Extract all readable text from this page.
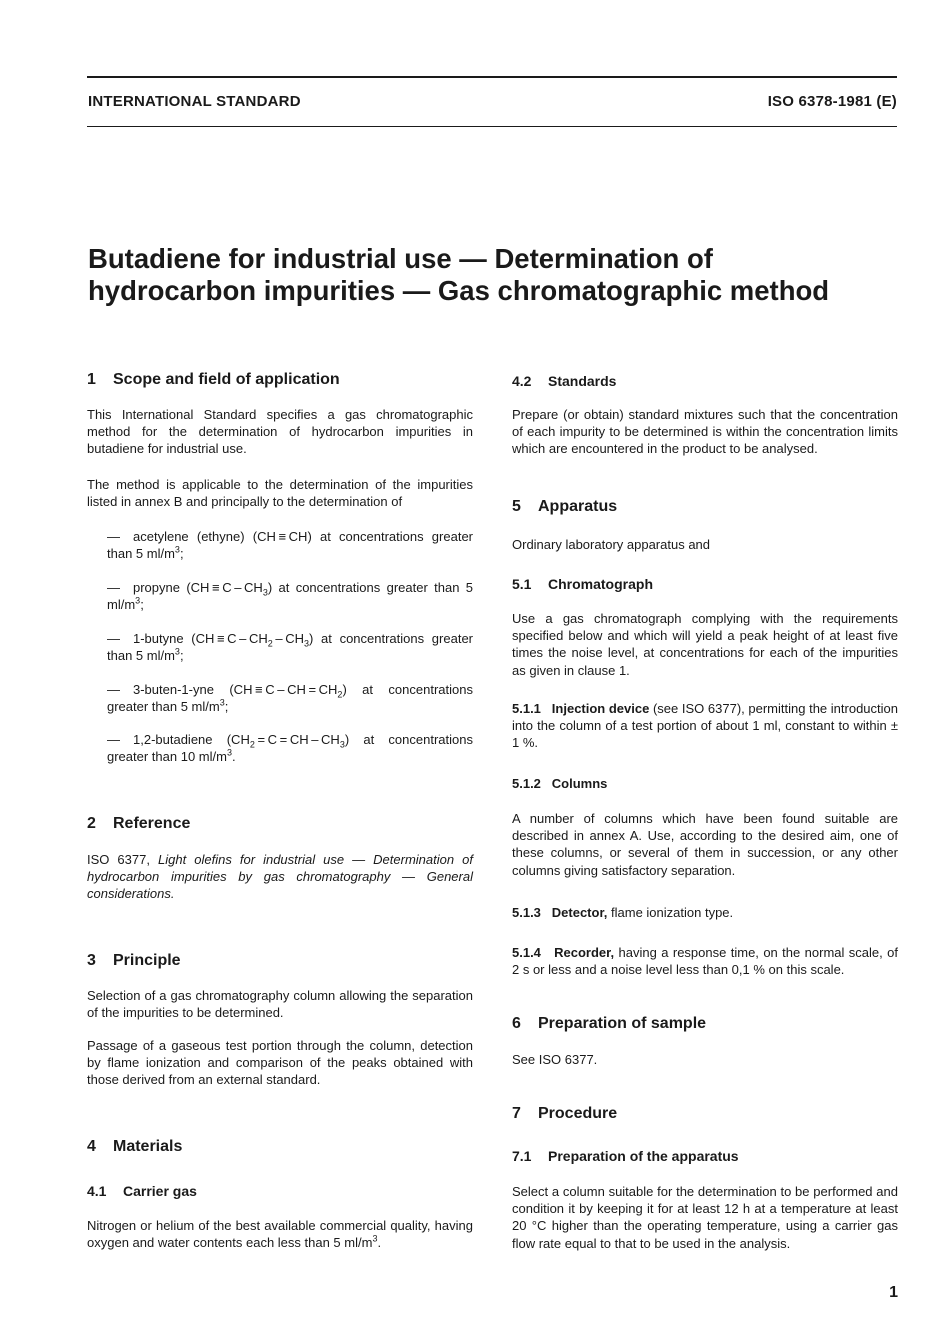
INTERNATIONAL STANDARD	ISO 6378-1981 (E)
Butadiene for industrial use — Determination of
hydrocarbon impurities — Gas chromatographic method
1 Scope and field of application

This International Standard specifies a gas chromatographic method for the determination of hydrocarbon impurities in butadiene for industrial use.

The method is applicable to the determination of the impurities listed in annex B and principally to the determination of

— acetylene (ethyne) (CH ≡ CH) at concentrations greater than 5 $ml/m^3$;
— propyne $(CH \equiv C - CH_3)$ at concentrations greater than 5 $ml/m^3$;
— 1-butyne $(CH \equiv C - CH_2 - CH_3)$ at concentrations greater than 5 $ml/m^3$;
— 3-buten-1-yne (CH ≡ C – CH = $CH_2$) at concentrations greater than 5 $ml/m^3$;
— 1,2-butadiene ($CH_2 = C$ = CH – $CH_3$) at concentrations greater than 10 $ml/m^3$.
2 Reference

ISO 6377, Light olefins for industrial use — Determination of hydrocarbon impurities by gas chromatography — General considerations.

3 Principle

Selection of a gas chromatography column allowing the separation of the impurities to be determined.

Passage of a gaseous test portion through the column, detection by flame ionization and comparison of the peaks obtained with those derived from an external standard.

4 Materials
4.1 Carrier gas

Nitrogen or helium of the best available commercial quality, having oxygen and water contents each less than 5 $ml/m^3$.

4.2 Standards

Prepare (or obtain) standard mixtures such that the concentration of each impurity to be determined is within the concentration limits which are encountered in the product to be analysed.

5 Apparatus

Ordinary laboratory apparatus and

5.1 Chromatograph

Use a gas chromatograph complying with the requirements specified below and which will yield a peak height of at least five times the noise level, at concentrations for each of the impurities as given in clause 1.

5.1.1 Injection device (see ISO 6377), permitting the introduction into the column of a test portion of about 1 ml, constant to within ± 1 %.

5.1.2 Columns

A number of columns which have been found suitable are described in annex A. Use, according to the desired aim, one of these columns, or several of them in succession, or any other columns giving satisfactory separation.

5.1.3 Detector, flame ionization type.

5.1.4 Recorder, having a response time, on the normal scale, of 2 s or less and a noise level less than 0,1 % on this scale.

6 Preparation of sample

See ISO 6377.

7 Procedure
7.1 Preparation of the apparatus

Select a column suitable for the determination to be performed and condition it by keeping it for at least 12 h at a temperature at least 20 °C higher than the operating temperature, using a carrier gas flow rate equal to that to be used in the analysis.

1
